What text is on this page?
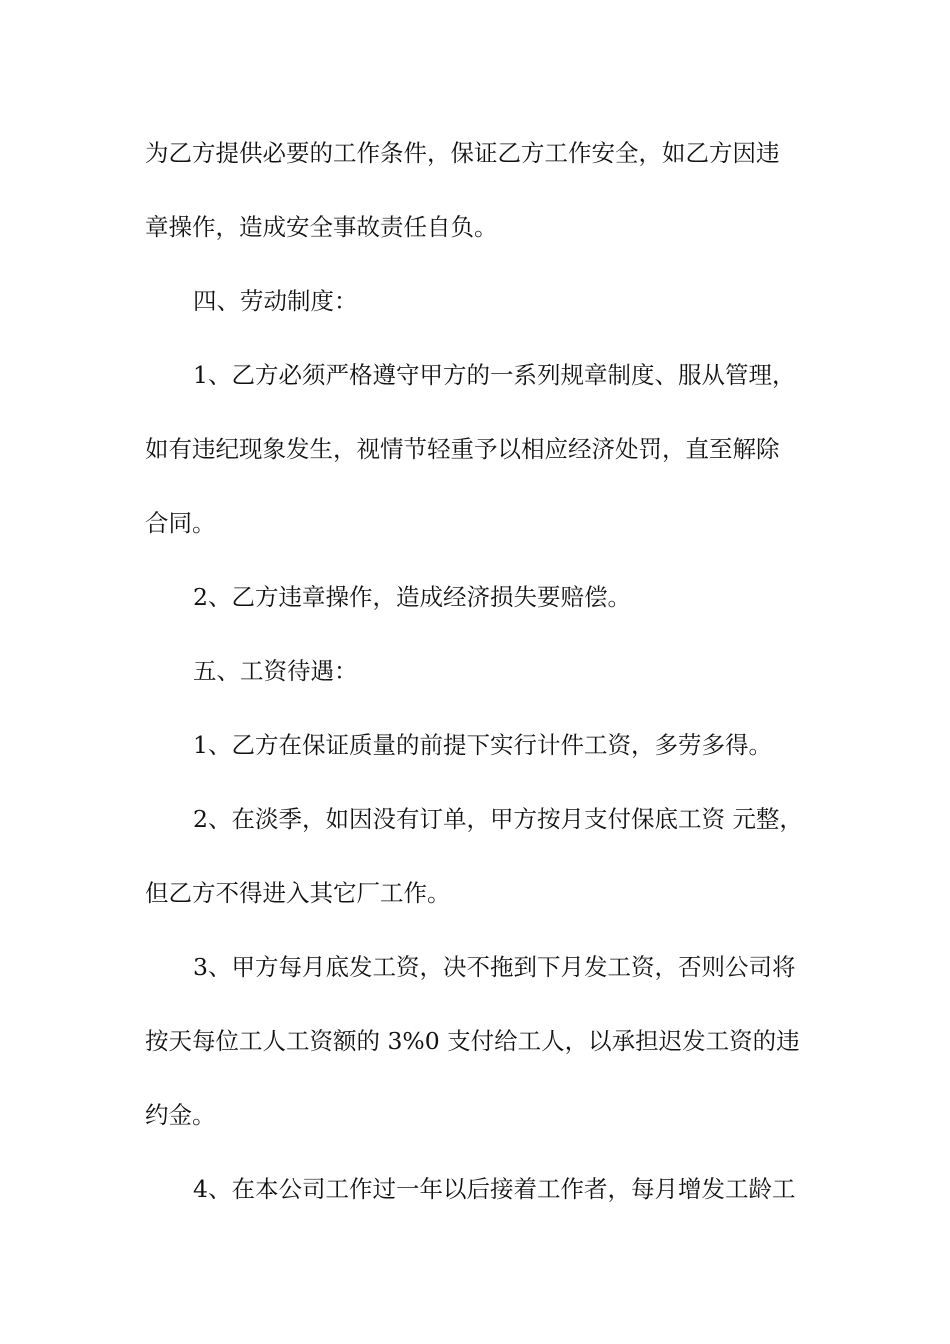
为乙方提供必要的工作条件，保证乙方工作安全，如乙方因违
章操作，造成安全事故责任自负。
四、劳动制度：
1、乙方必须严格遵守甲方的一系列规章制度、服从管理，
如有违纪现象发生，视情节轻重予以相应经济处罚，直至解除
合同。
2、乙方违章操作，造成经济损失要赔偿。
五、工资待遇：
1、乙方在保证质量的前提下实行计件工资，多劳多得。
2、在淡季，如因没有订单，甲方按月支付保底工资 元整，
但乙方不得进入其它厂工作。
3、甲方每月底发工资，决不拖到下月发工资，否则公司将
按天每位工人工资额的 3%0 支付给工人，以承担迟发工资的违
约金。
4、在本公司工作过一年以后接着工作者，每月增发工龄工
